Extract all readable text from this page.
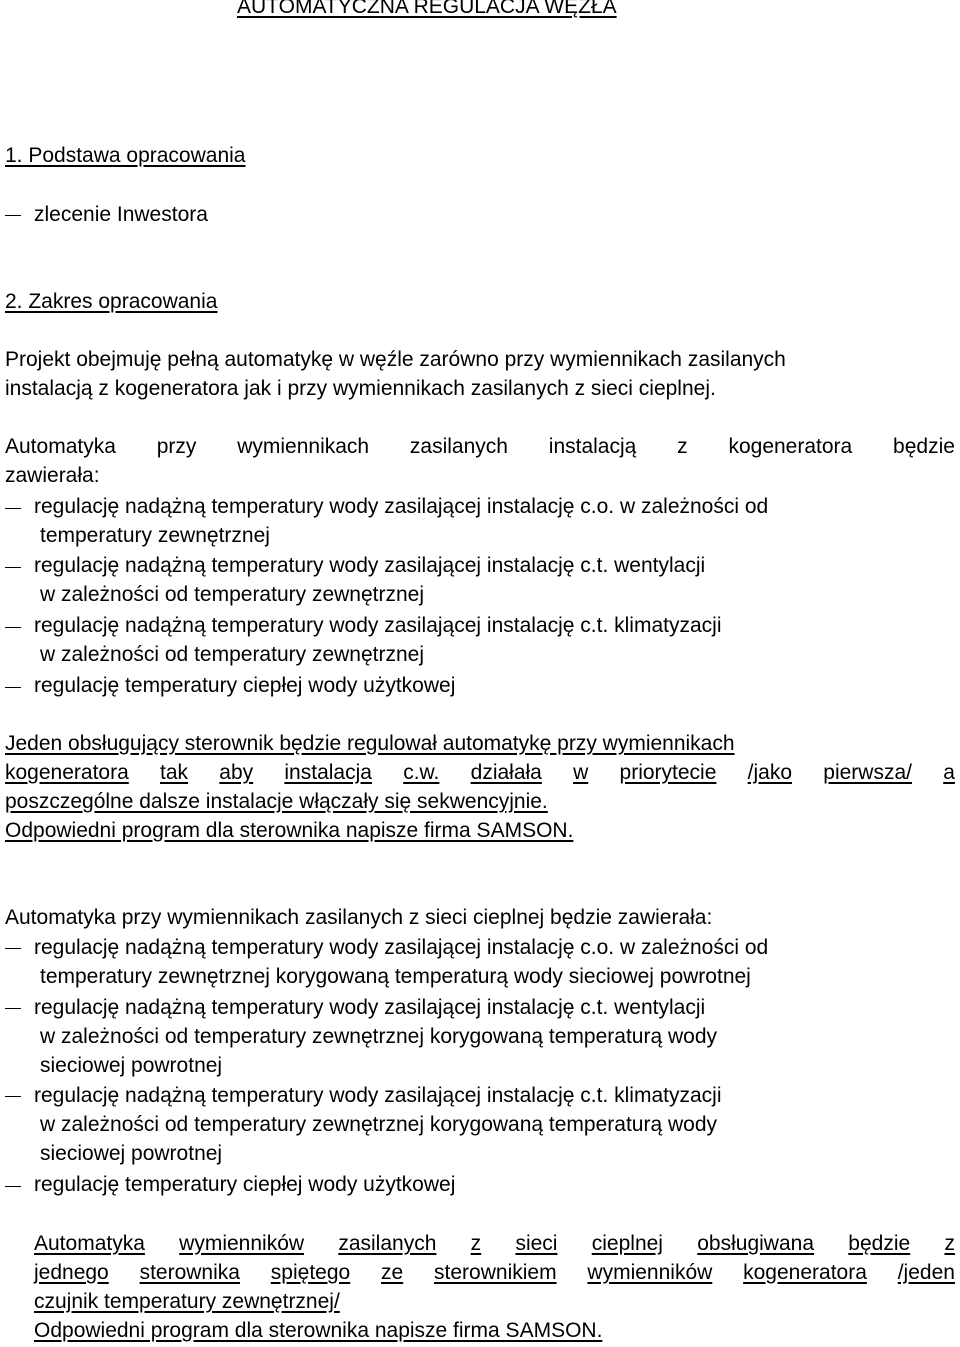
AUTOMATYCZNA REGULACJA WĘZŁA
1. Podstawa opracowania
zlecenie Inwestora
2. Zakres opracowania
Projekt obejmuję pełną automatykę w węźle zarówno przy wymiennikach zasilanych
instalacją z kogeneratora jak i przy wymiennikach zasilanych z sieci cieplnej.
Automatyka przy wymiennikach zasilanych instalacją z kogeneratora będzie
zawierała:
regulację nadążną temperatury wody zasilającej instalację c.o. w zależności od
temperatury zewnętrznej
regulację nadążną temperatury wody zasilającej instalację c.t. wentylacji
w zależności od temperatury zewnętrznej
regulację nadążną temperatury wody zasilającej instalację c.t. klimatyzacji
w zależności od temperatury zewnętrznej
regulację temperatury ciepłej wody użytkowej
Jeden obsługujący sterownik będzie regulował automatykę przy wymiennikach
kogeneratora tak aby instalacja c.w. działała w priorytecie /jako pierwsza/ a
poszczególne dalsze instalacje włączały się sekwencyjnie.
Odpowiedni program dla sterownika napisze firma SAMSON.
Automatyka przy wymiennikach zasilanych z sieci cieplnej będzie zawierała:
regulację nadążną temperatury wody zasilającej instalację c.o. w zależności od
temperatury zewnętrznej korygowaną temperaturą wody sieciowej powrotnej
regulację nadążną temperatury wody zasilającej instalację c.t. wentylacji
w zależności od temperatury zewnętrznej korygowaną temperaturą wody
sieciowej powrotnej
regulację nadążną temperatury wody zasilającej instalację c.t. klimatyzacji
w zależności od temperatury zewnętrznej korygowaną temperaturą wody
sieciowej powrotnej
regulację temperatury ciepłej wody użytkowej
Automatyka wymienników zasilanych z sieci cieplnej obsługiwana będzie z
jednego sterownika spiętego ze sterownikiem wymienników kogeneratora /jeden
czujnik temperatury zewnętrznej/
Odpowiedni program dla sterownika napisze firma SAMSON.
